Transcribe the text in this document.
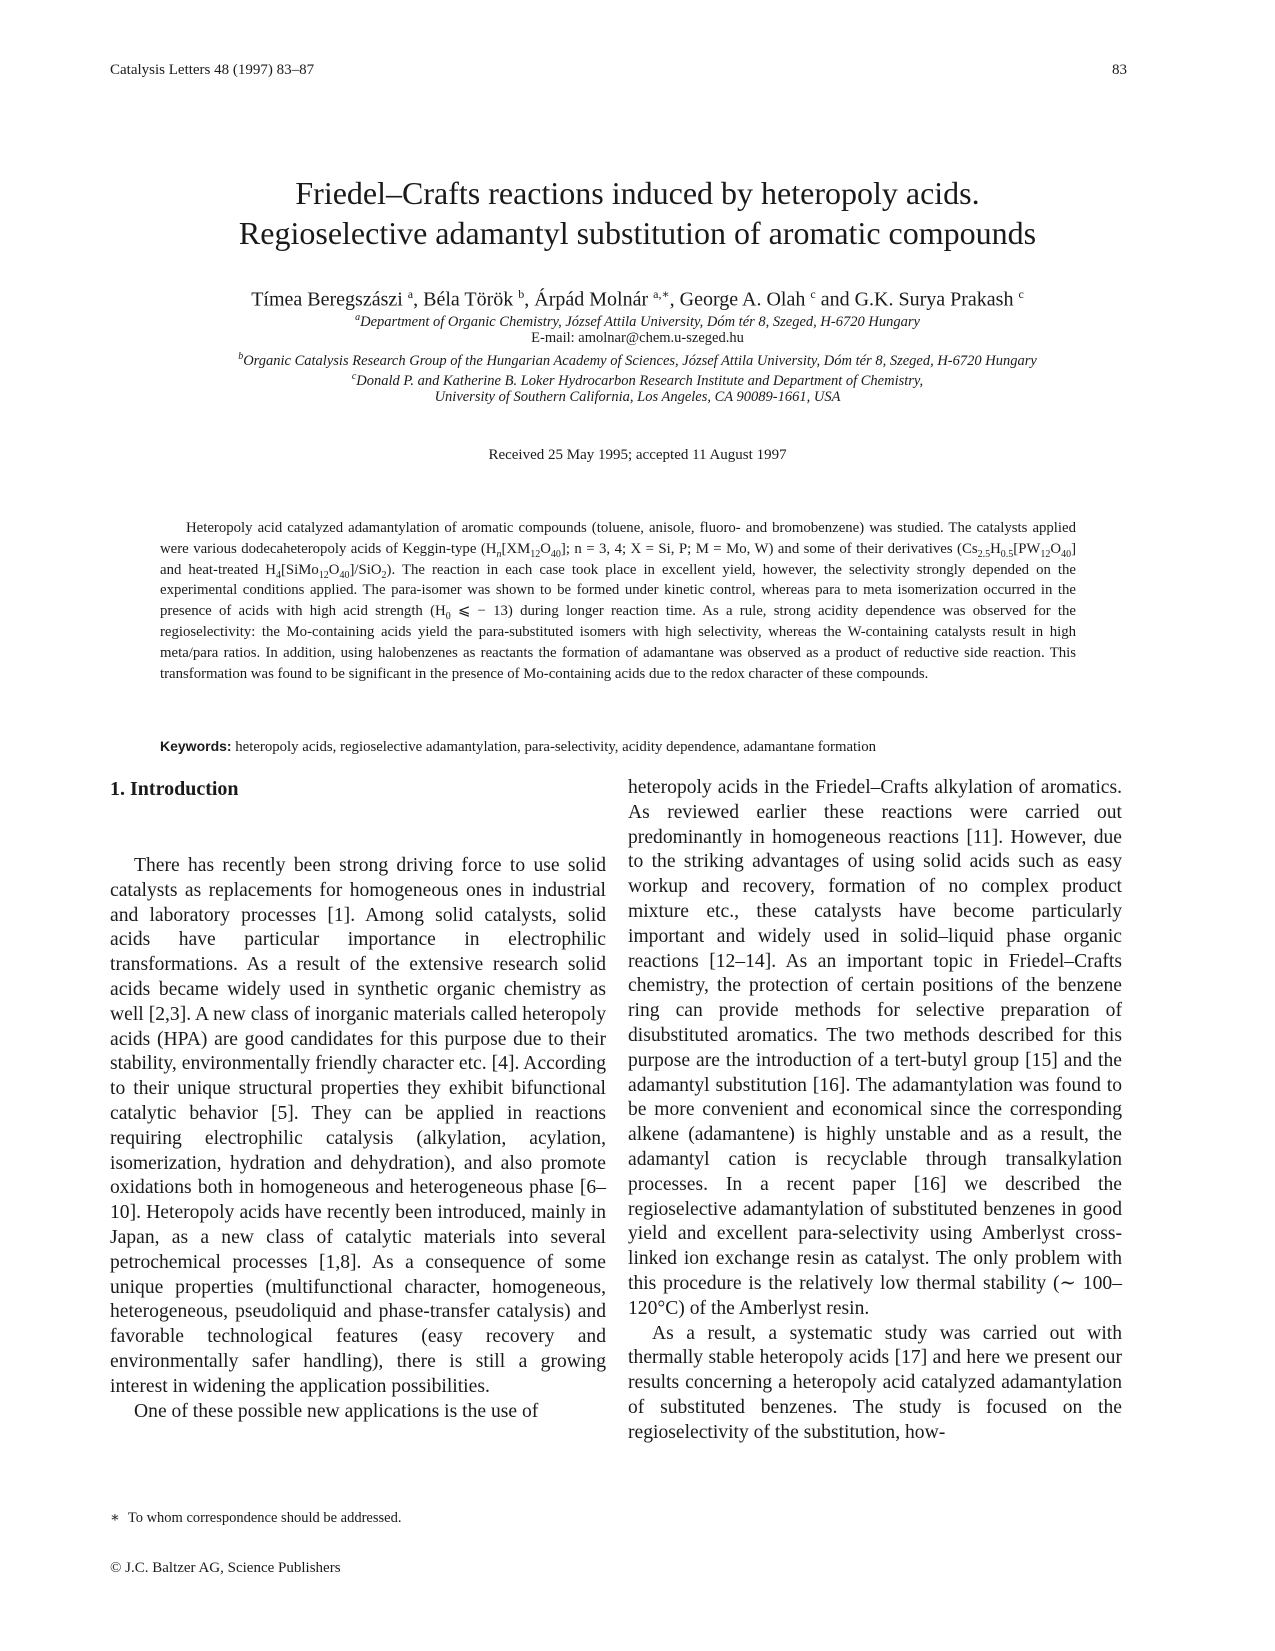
Catalysis Letters 48 (1997) 83–87	83
Friedel–Crafts reactions induced by heteropoly acids.
Regioselective adamantyl substitution of aromatic compounds
Tímea Beregszászi $^a$, Béla Török $^b$, Árpád Molnár $^{a,∗}$, George A. Olah $^c$ and G.K. Surya Prakash $^c$
$^a$Department of Organic Chemistry, József Attila University, Dóm tér 8, Szeged, H-6720 Hungary
E-mail: amolnar@chem.u-szeged.hu
$^b$Organic Catalysis Research Group of the Hungarian Academy of Sciences, József Attila University, Dóm tér 8, Szeged, H-6720 Hungary
$^c$Donald P. and Katherine B. Loker Hydrocarbon Research Institute and Department of Chemistry,
University of Southern California, Los Angeles, CA 90089-1661, USA
Received 25 May 1995; accepted 11 August 1997
Heteropoly acid catalyzed adamantylation of aromatic compounds (toluene, anisole, fluoro- and bromobenzene) was studied. The catalysts applied were various dodecaheteropoly acids of Keggin-type ($H_n[XM_{12}O_{40}]$; n = 3, 4; X = Si, P; M = Mo, W) and some of their derivatives ($Cs_{2.5}H_{0.5}[PW_{12}O_{40}]$ and heat-treated $H_4[SiMo_{12}O_{40}]/SiO_2$). The reaction in each case took place in excellent yield, however, the selectivity strongly depended on the experimental conditions applied. The para-isomer was shown to be formed under kinetic control, whereas para to meta isomerization occurred in the presence of acids with high acid strength ($H_0$ ⩽ − 13) during longer reaction time. As a rule, strong acidity dependence was observed for the regioselectivity: the Mo-containing acids yield the para-substituted isomers with high selectivity, whereas the W-containing catalysts result in high meta/para ratios. In addition, using halobenzenes as reactants the formation of adamantane was observed as a product of reductive side reaction. This transformation was found to be significant in the presence of Mo-containing acids due to the redox character of these compounds.
Keywords: heteropoly acids, regioselective adamantylation, para-selectivity, acidity dependence, adamantane formation
1. Introduction

There has recently been strong driving force to use solid catalysts as replacements for homogeneous ones in industrial and laboratory processes [1]. Among solid catalysts, solid acids have particular importance in electrophilic transformations. As a result of the extensive research solid acids became widely used in synthetic organic chemistry as well [2,3]. A new class of inorganic materials called heteropoly acids (HPA) are good candidates for this purpose due to their stability, environmentally friendly character etc. [4]. According to their unique structural properties they exhibit bifunctional catalytic behavior [5]. They can be applied in reactions requiring electrophilic catalysis (alkylation, acylation, isomerization, hydration and dehydration), and also promote oxidations both in homogeneous and heterogeneous phase [6–10]. Heteropoly acids have recently been introduced, mainly in Japan, as a new class of catalytic materials into several petrochemical processes [1,8]. As a consequence of some unique properties (multifunctional character, homogeneous, heterogeneous, pseudoliquid and phase-transfer catalysis) and favorable technological features (easy recovery and environmentally safer handling), there is still a growing interest in widening the application possibilities.

One of these possible new applications is the use of

heteropoly acids in the Friedel–Crafts alkylation of aromatics. As reviewed earlier these reactions were carried out predominantly in homogeneous reactions [11]. However, due to the striking advantages of using solid acids such as easy workup and recovery, formation of no complex product mixture etc., these catalysts have become particularly important and widely used in solid–liquid phase organic reactions [12–14]. As an important topic in Friedel–Crafts chemistry, the protection of certain positions of the benzene ring can provide methods for selective preparation of disubstituted aromatics. The two methods described for this purpose are the introduction of a tert-butyl group [15] and the adamantyl substitution [16]. The adamantylation was found to be more convenient and economical since the corresponding alkene (adamantene) is highly unstable and as a result, the adamantyl cation is recyclable through transalkylation processes. In a recent paper [16] we described the regioselective adamantylation of substituted benzenes in good yield and excellent para-selectivity using Amberlyst cross-linked ion exchange resin as catalyst. The only problem with this procedure is the relatively low thermal stability (∼ 100–120°C) of the Amberlyst resin.

As a result, a systematic study was carried out with thermally stable heteropoly acids [17] and here we present our results concerning a heteropoly acid catalyzed adamantylation of substituted benzenes. The study is focused on the regioselectivity of the substitution, how-

∗ To whom correspondence should be addressed.
© J.C. Baltzer AG, Science Publishers
